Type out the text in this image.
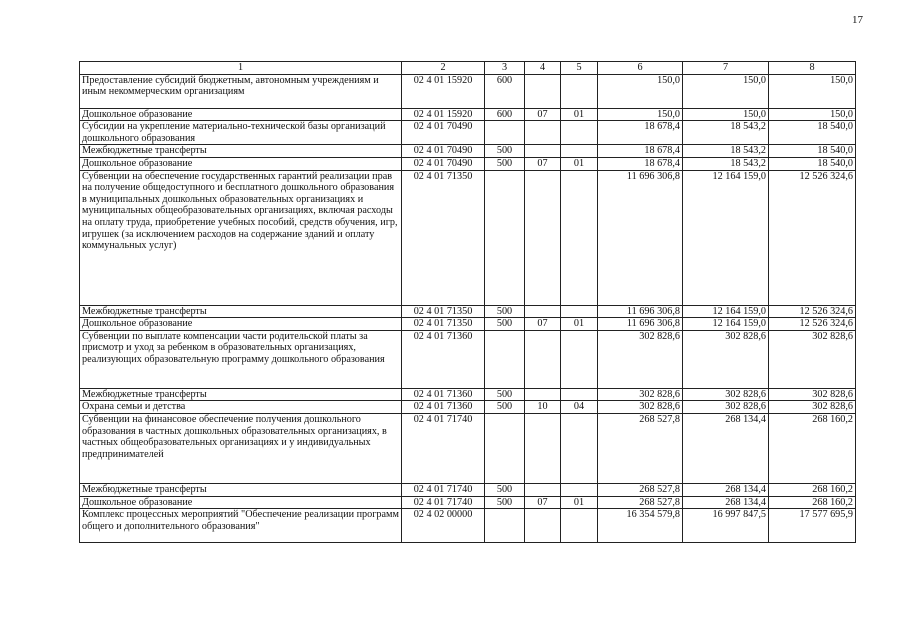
17
1	2	3	4	5	6	7	8
Предоставление субсидий бюджетным, автономным учреждениям и иным некоммерческим организациям	02 4 01 15920	600			150,0	150,0	150,0
Дошкольное образование	02 4 01 15920	600	07	01	150,0	150,0	150,0
Субсидии на укрепление материально-технической базы организаций дошкольного образования	02 4 01 70490				18 678,4	18 543,2	18 540,0
Межбюджетные трансферты	02 4 01 70490	500			18 678,4	18 543,2	18 540,0
Дошкольное образование	02 4 01 70490	500	07	01	18 678,4	18 543,2	18 540,0
Субвенции на обеспечение государственных гарантий реализации прав на получение общедоступного и бесплатного дошкольного образования в муниципальных дошкольных образовательных организациях и муниципальных общеобразовательных организациях, включая расходы на оплату труда, приобретение учебных пособий, средств обучения, игр, игрушек (за исключением расходов на содержание зданий и оплату коммунальных услуг)	02 4 01 71350				11 696 306,8	12 164 159,0	12 526 324,6
Межбюджетные трансферты	02 4 01 71350	500			11 696 306,8	12 164 159,0	12 526 324,6
Дошкольное образование	02 4 01 71350	500	07	01	11 696 306,8	12 164 159,0	12 526 324,6
Субвенции по выплате компенсации части родительской платы за присмотр и уход за ребенком в образовательных организациях, реализующих образовательную программу дошкольного образования	02 4 01 71360				302 828,6	302 828,6	302 828,6
Межбюджетные трансферты	02 4 01 71360	500			302 828,6	302 828,6	302 828,6
Охрана семьи и детства	02 4 01 71360	500	10	04	302 828,6	302 828,6	302 828,6
Субвенции на финансовое обеспечение получения дошкольного образования в частных дошкольных образовательных организациях, в частных общеобразовательных организациях и у индивидуальных предпринимателей	02 4 01 71740				268 527,8	268 134,4	268 160,2
Межбюджетные трансферты	02 4 01 71740	500			268 527,8	268 134,4	268 160,2
Дошкольное образование	02 4 01 71740	500	07	01	268 527,8	268 134,4	268 160,2
Комплекс процессных мероприятий "Обеспечение реализации программ общего и дополнительного образования"	02 4 02 00000				16 354 579,8	16 997 847,5	17 577 695,9
